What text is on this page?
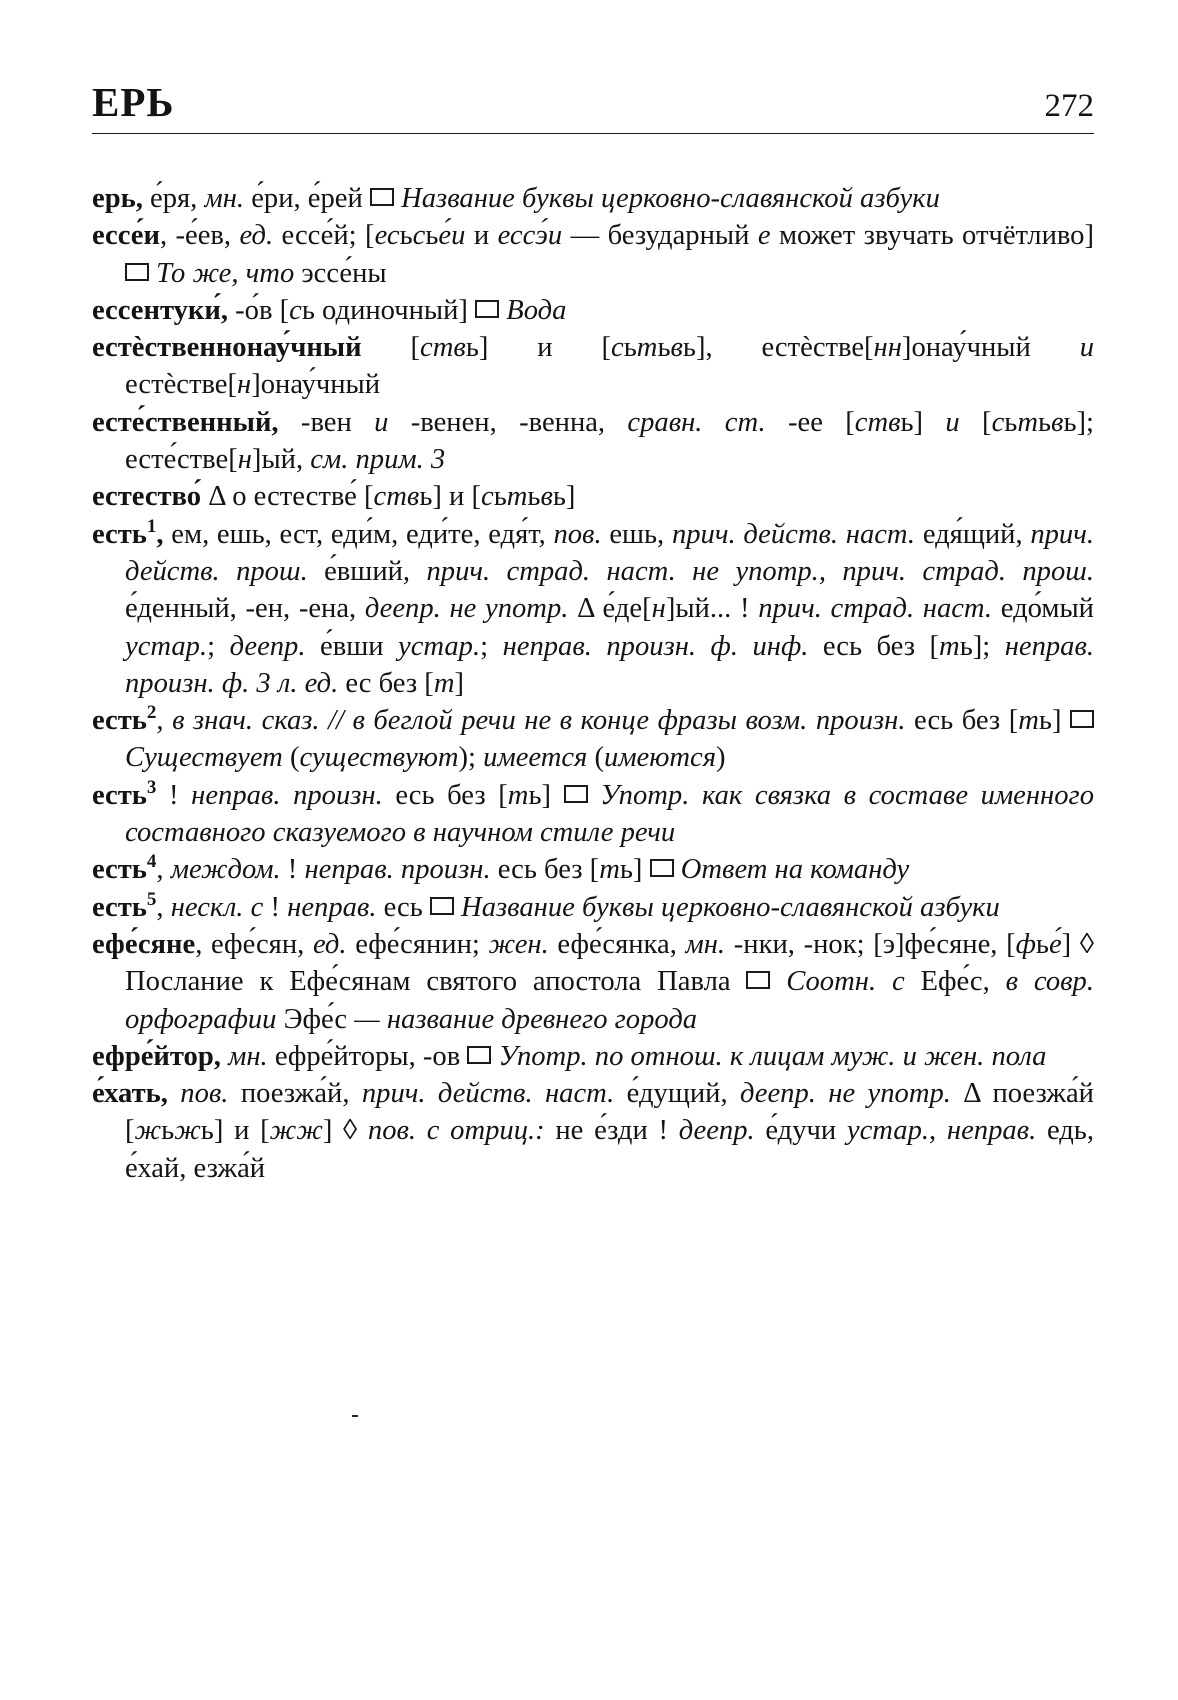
ЕРЬ	272

ерь, е́ря, мн. е́ри, е́рей  Название буквы церковно-славянской азбуки

ессе́и, -е́ев, ед. ессе́й; [есьсье́и и ессэ́и — безударный е может звучать отчётливо]  То же, что эссе́ны

ессентуки́, -о́в [сь одиночный]  Вода

естѐственнонау́чный [ствь] и [сьтьвь], естѐстве[нн]онау́чный и естѐстве[н]онау́чный

есте́ственный, -вен и -венен, -венна, сравн. ст. -ее [ствь] и [сьтьвь]; есте́стве[н]ый, см. прим. 3

естество́ Δ о естестве́ [ствь] и [сьтьвь]

есть$^1$, ем, ешь, ест, еди́м, еди́те, едя́т, пов. ешь, прич. действ. наст. едя́щий, прич. действ. прош. е́вший, прич. страд. наст. не употр., прич. страд. прош. е́денный, -ен, -ена, деепр. не употр. Δ е́де[н]ый... ! прич. страд. наст. едо́мый устар.; деепр. е́вши устар.; неправ. произн. ф. инф. есь без [ть]; неправ. произн. ф. 3 л. ед. ес без [т]

есть$^2$, в знач. сказ. // в беглой речи не в конце фразы возм. произн. есь без [ть]  Существует (существуют); имеется (имеются)

есть$^3$ ! неправ. произн. есь без [ть]  Употр. как связка в составе именного составного сказуемого в научном стиле речи

есть$^4$, междом. ! неправ. произн. есь без [ть]  Ответ на команду

есть$^5$, нескл. с ! неправ. есь  Название буквы церковно-славянской азбуки

ефе́сяне, ефе́сян, ед. ефе́сянин; жен. ефе́сянка, мн. -нки, -нок; [э]фе́сяне, [фье́] ◊ Послание к Ефе́сянам святого апостола Павла  Соотн. с Ефе́с, в совр. орфографии Эфе́с — название древнего города

ефре́йтор, мн. ефре́йторы, -ов  Употр. по отнош. к лицам муж. и жен. пола

е́хать, пов. поезжа́й, прич. действ. наст. е́дущий, деепр. не употр. Δ поезжа́й [жьжь] и [жж] ◊ пов. с отриц.: не е́зди ! деепр. е́дучи устар., неправ. едь, е́хай, езжа́й
